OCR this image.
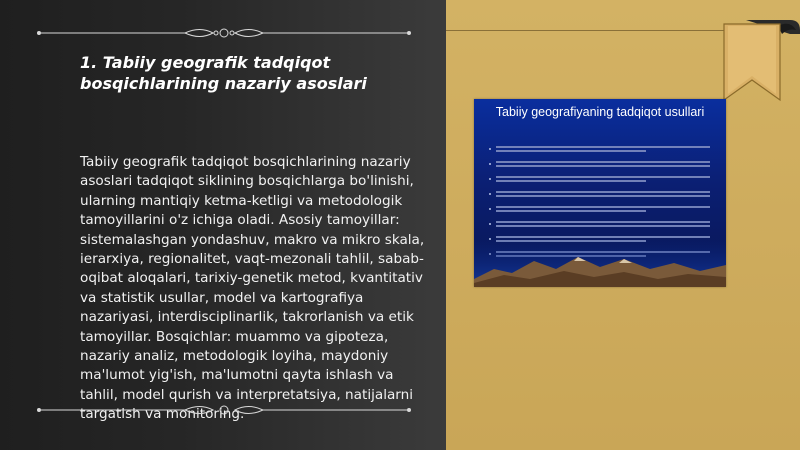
1. Tabiiy geografik tadqiqot bosqichlarining nazariy asoslari
Tabiiy geografik tadqiqot bosqichlarining nazariy asoslari tadqiqot siklining bosqichlarga bo'linishi, ularning mantiqiy ketma-ketligi va metodologik tamoyillarini o'z ichiga oladi. Asosiy tamoyillar: sistemalashgan yondashuv, makro va mikro skala, ierarxiya, regionalitet, vaqt-mezonali tahlil, sabab-oqibat aloqalari, tarixiy-genetik metod, kvantitativ va statistik usullar, model va kartografiya nazariyasi, interdisciplinarlik, takrorlanish va etik tamoyillar. Bosqichlar: muammo va gipoteza, nazariy analiz, metodologik loyiha, maydoniy ma'lumot yig'ish, ma'lumotni qayta ishlash va tahlil, model qurish va interpretatsiya, natijalarni targatish va monitoring.
Tabiiy geografiyaning tadqiqot usullari
